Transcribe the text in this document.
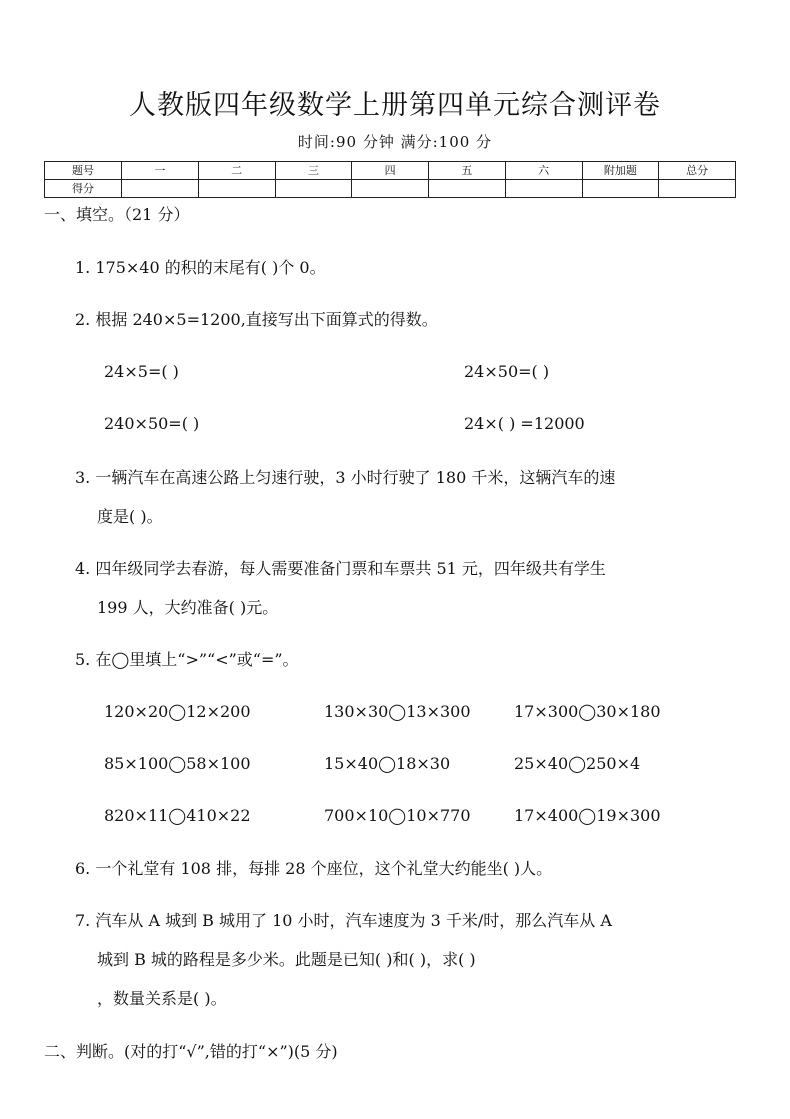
人教版四年级数学上册第四单元综合测评卷
时间:90 分钟 满分:100 分
题号	一	二	三	四	五	六	附加题	总分
得分								
一、填空。（21 分）
1. 175×40 的积的末尾有( )个 0。
2. 根据 240×5=1200,直接写出下面算式的得数。
24×5=( )	24×50=( )
240×50=( )	24×( ) =12000
3. 一辆汽车在高速公路上匀速行驶，3 小时行驶了 180 千米，这辆汽车的速
度是( )。
4. 四年级同学去春游，每人需要准备门票和车票共 51 元，四年级共有学生
199 人，大约准备( )元。
5. 在◯里填上“>”“<”或“=”。
120×20◯12×200	130×30◯13×300	17×300◯30×180
85×100◯58×100	15×40◯18×30	25×40◯250×4
820×11◯410×22	700×10◯10×770	17×400◯19×300
6. 一个礼堂有 108 排，每排 28 个座位，这个礼堂大约能坐( )人。
7. 汽车从 A 城到 B 城用了 10 小时，汽车速度为 3 千米/时，那么汽车从 A
城到 B 城的路程是多少米。此题是已知( )和( )，求( )
，数量关系是( )。
二、判断。(对的打“√”,错的打“×”)(5 分)
